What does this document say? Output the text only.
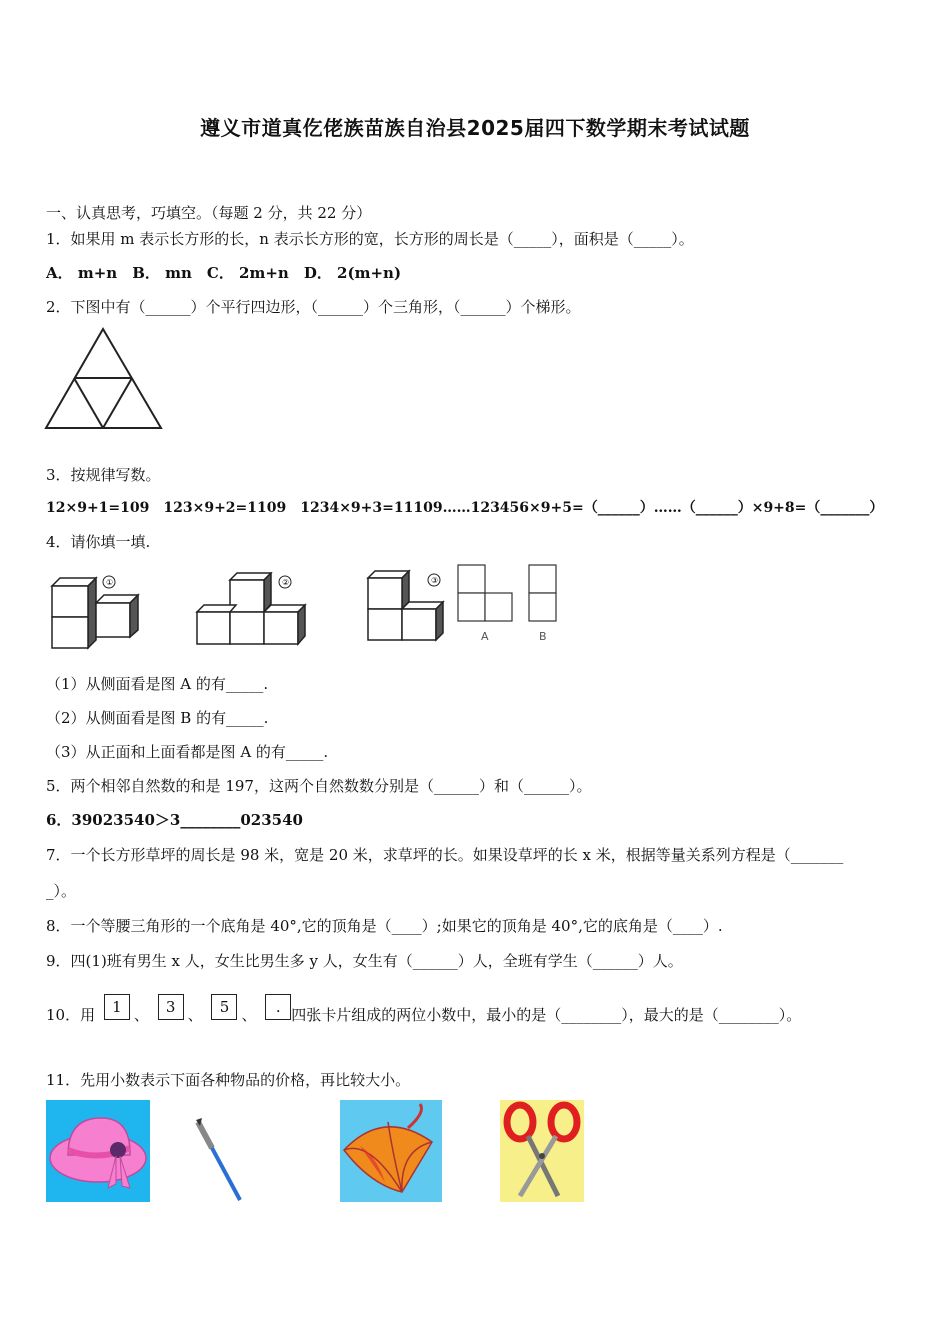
遵义市道真仡佬族苗族自治县2025届四下数学期末考试试题
一、认真思考，巧填空。（每题 2 分，共 22 分）
1．如果用 m 表示长方形的长，n 表示长方形的宽，长方形的周长是（_____），面积是（_____）。
A． m+n　B． mn　C． 2m+n　D． 2(m+n)
2．下图中有（______）个平行四边形，（______）个三角形，（______）个梯形。
3．按规律写数。
12×9+1=109　123×9+2=1109　1234×9+3=11109……123456×9+5=（______）……（______）×9+8=（_______）
4．请你填一填.
①	②	③
A	B
（1）从侧面看是图 A 的有_____.
（2）从侧面看是图 B 的有_____.
（3）从正面和上面看都是图 A 的有_____.
5．两个相邻自然数的和是 197，这两个自然数数分别是（______）和（______）。
6．39023540＞3________023540
7．一个长方形草坪的周长是 98 米，宽是 20 米，求草坪的长。如果设草坪的长 x 米，根据等量关系列方程是（_______
_）。
8．一个等腰三角形的一个底角是 40°,它的顶角是（____）;如果它的顶角是 40°,它的底角是（____）.
9．四(1)班有男生 x 人，女生比男生多 y 人，女生有（______）人，全班有学生（______）人。
10．用 1 、 3 、 5 、 . 四张卡片组成的两位小数中，最小的是（________），最大的是（________）。
11．先用小数表示下面各种物品的价格，再比较大小。
